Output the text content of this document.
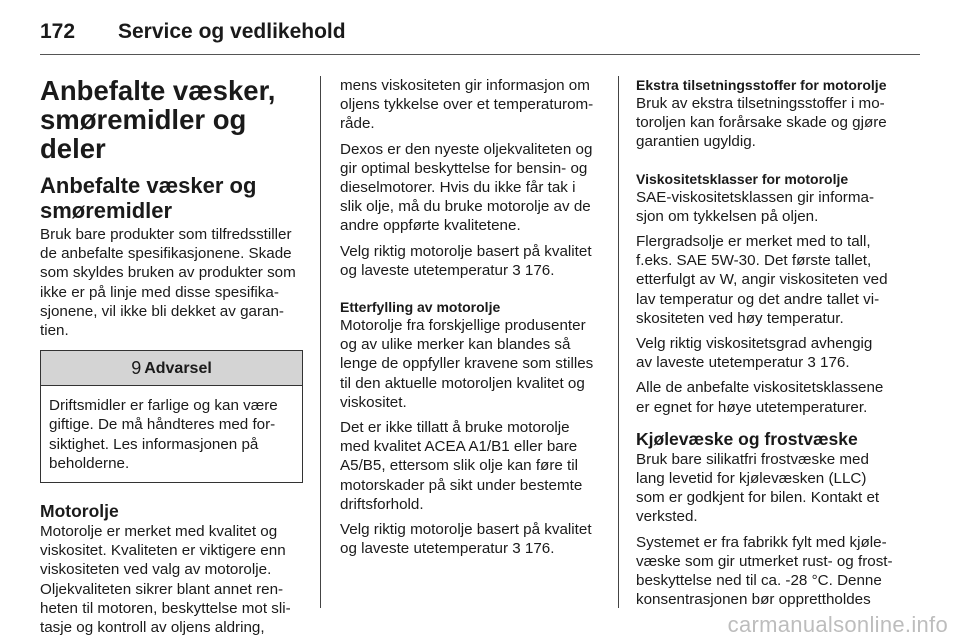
172	Service og vedlikehold
Anbefalte væsker,
smøremidler og deler
Anbefalte væsker og
smøremidler

Bruk bare produkter som tilfredsstiller
de anbefalte spesifikasjonene. Skade
som skyldes bruken av produkter som
ikke er på linje med disse spesifika-
sjonene, vil ikke bli dekket av garan-
tien.

9 Advarsel
Driftsmidler er farlige og kan være
giftige. De må håndteres med for-
siktighet. Les informasjonen på
beholderne.
Motorolje

Motorolje er merket med kvalitet og
viskositet. Kvaliteten er viktigere enn
viskositeten ved valg av motorolje.
Oljekvaliteten sikrer blant annet ren-
heten til motoren, beskyttelse mot sli-
tasje og kontroll av oljens aldring,

mens viskositeten gir informasjon om
oljens tykkelse over et temperaturom-
råde.

Dexos er den nyeste oljekvaliteten og
gir optimal beskyttelse for bensin- og
dieselmotorer. Hvis du ikke får tak i
slik olje, må du bruke motorolje av de
andre oppførte kvalitetene.

Velg riktig motorolje basert på kvalitet
og laveste utetemperatur 3 176.

Etterfylling av motorolje

Motorolje fra forskjellige produsenter
og av ulike merker kan blandes så
lenge de oppfyller kravene som stilles
til den aktuelle motoroljen kvalitet og
viskositet.

Det er ikke tillatt å bruke motorolje
med kvalitet ACEA A1/B1 eller bare
A5/B5, ettersom slik olje kan føre til
motorskader på sikt under bestemte
driftsforhold.

Velg riktig motorolje basert på kvalitet
og laveste utetemperatur 3 176.

Ekstra tilsetningsstoffer for motorolje

Bruk av ekstra tilsetningsstoffer i mo-
toroljen kan forårsake skade og gjøre
garantien ugyldig.

Viskositetsklasser for motorolje

SAE-viskositetsklassen gir informa-
sjon om tykkelsen på oljen.

Flergradsolje er merket med to tall,
f.eks. SAE 5W-30. Det første tallet,
etterfulgt av W, angir viskositeten ved
lav temperatur og det andre tallet vi-
skositeten ved høy temperatur.

Velg riktig viskositetsgrad avhengig
av laveste utetemperatur 3 176.

Alle de anbefalte viskositetsklassene
er egnet for høye utetemperaturer.

Kjølevæske og frostvæske

Bruk bare silikatfri frostvæske med
lang levetid for kjølevæsken (LLC)
som er godkjent for bilen. Kontakt et
verksted.

Systemet er fra fabrikk fylt med kjøle-
væske som gir utmerket rust- og frost-
beskyttelse ned til ca. -28 °C. Denne
konsentrasjonen bør opprettholdes

carmanualsonline.info
